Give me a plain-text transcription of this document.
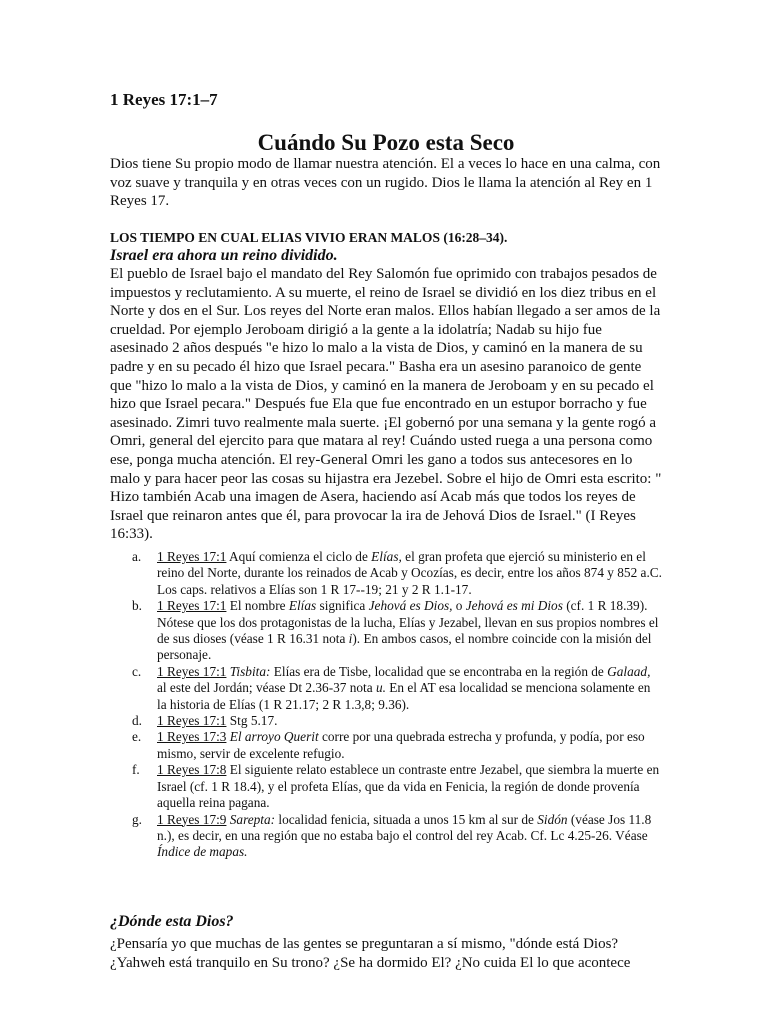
1 Reyes 17:1–7
Cuándo Su Pozo esta Seco
Dios tiene Su propio modo de llamar nuestra atención. El a veces lo hace en una calma, con voz suave y tranquila y en otras veces con un rugido. Dios le llama la atención al Rey en 1 Reyes 17.
LOS TIEMPO EN CUAL ELIAS VIVIO ERAN MALOS (16:28–34).
Israel era ahora un reino dividido.
El pueblo de Israel bajo el mandato del Rey Salomón fue oprimido con trabajos pesados de impuestos y reclutamiento. A su muerte, el reino de Israel se dividió en los diez tribus en el Norte y dos en el Sur. Los reyes del Norte eran malos. Ellos habían llegado a ser amos de la crueldad. Por ejemplo Jeroboam dirigió a la gente a la idolatría; Nadab su hijo fue asesinado 2 años después "e hizo lo malo a la vista de Dios, y caminó en la manera de su padre y en su pecado él hizo que Israel pecara." Basha era un asesino paranoico de gente que "hizo lo malo a la vista de Dios, y caminó en la manera de Jeroboam y en su pecado el hizo que Israel pecara." Después fue Ela que fue encontrado en un estupor borracho y fue asesinado. Zimri tuvo realmente mala suerte. ¡El gobernó por una semana y la gente rogó a Omri, general del ejercito para que matara al rey! Cuándo usted ruega a una persona como ese, ponga mucha atención. El rey-General Omri les gano a todos sus antecesores en lo malo y para hacer peor las cosas su hijastra era Jezebel. Sobre el hijo de Omri esta escrito: " Hizo también Acab una imagen de Asera, haciendo así Acab más que todos los reyes de Israel que reinaron antes que él, para provocar la ira de Jehová Dios de Israel." (I Reyes 16:33).
a. 1 Reyes 17:1 Aquí comienza el ciclo de Elías, el gran profeta que ejerció su ministerio en el reino del Norte, durante los reinados de Acab y Ocozías, es decir, entre los años 874 y 852 a.C. Los caps. relativos a Elías son 1 R 17--19; 21 y 2 R 1.1-17.
b. 1 Reyes 17:1 El nombre Elías significa Jehová es Dios, o Jehová es mi Dios (cf. 1 R 18.39). Nótese que los dos protagonistas de la lucha, Elías y Jezabel, llevan en sus propios nombres el de sus dioses (véase 1 R 16.31 nota i). En ambos casos, el nombre coincide con la misión del personaje.
c. 1 Reyes 17:1 Tisbita: Elías era de Tisbe, localidad que se encontraba en la región de Galaad, al este del Jordán; véase Dt 2.36-37 nota u. En el AT esa localidad se menciona solamente en la historia de Elías (1 R 21.17; 2 R 1.3,8; 9.36).
d. 1 Reyes 17:1 Stg 5.17.
e. 1 Reyes 17:3 El arroyo Querit corre por una quebrada estrecha y profunda, y podía, por eso mismo, servir de excelente refugio.
f. 1 Reyes 17:8 El siguiente relato establece un contraste entre Jezabel, que siembra la muerte en Israel (cf. 1 R 18.4), y el profeta Elías, que da vida en Fenicia, la región de donde provenía aquella reina pagana.
g. 1 Reyes 17:9 Sarepta: localidad fenicia, situada a unos 15 km al sur de Sidón (véase Jos 11.8 n.), es decir, en una región que no estaba bajo el control del rey Acab. Cf. Lc 4.25-26. Véase Índice de mapas.
¿Dónde esta Dios?
¿Pensaría yo que muchas de las gentes se preguntaran a sí mismo, "dónde está Dios? ¿Yahweh está tranquilo en Su trono? ¿Se ha dormido El? ¿No cuida El lo que acontece
